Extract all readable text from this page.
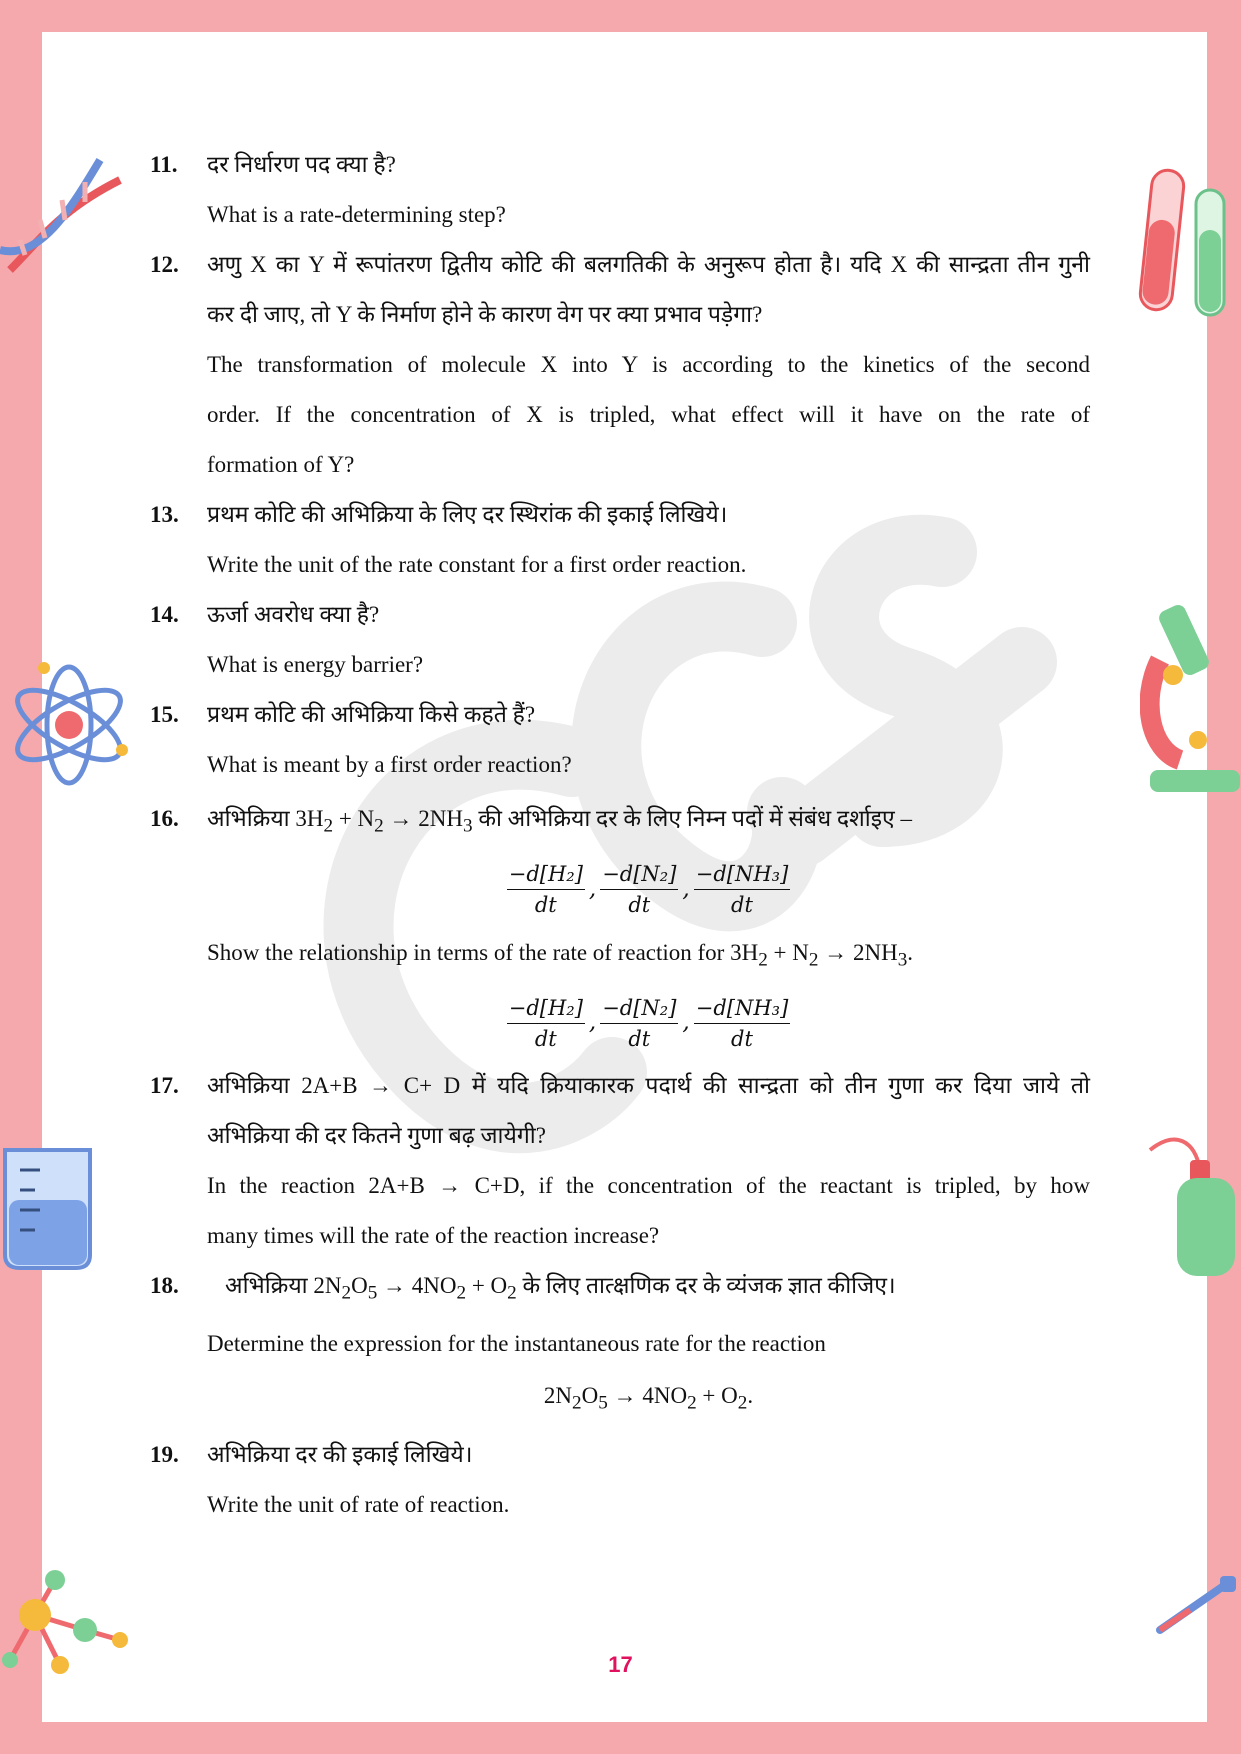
11. दर निर्धारण पद क्या है?
What is a rate-determining step?
12. अणु X का Y में रूपांतरण द्वितीय कोटि की बलगतिकी के अनुरूप होता है। यदि X की सान्द्रता तीन गुनी
कर दी जाए, तो Y के निर्माण होने के कारण वेग पर क्या प्रभाव पड़ेगा?
The transformation of molecule X into Y is according to the kinetics of the second
order. If the concentration of X is tripled, what effect will it have on the rate of
formation of Y?
13. प्रथम कोटि की अभिक्रिया के लिए दर स्थिरांक की इकाई लिखिये।
Write the unit of the rate constant for a first order reaction.
14. ऊर्जा अवरोध क्या है?
What is energy barrier?
15. प्रथम कोटि की अभिक्रिया किसे कहते हैं?
What is meant by a first order reaction?
16. अभिक्रिया $3H_2 + N_2 \to 2NH_3$ की अभिक्रिया दर के लिए निम्न पदों में संबंध दर्शाइए –
$\frac{\text{−d[H₂]}}{dt}$ , $\frac{\text{−d[N₂]}}{dt}$ , $\frac{\text{−d[NH₃]}}{dt}$
Show the relationship in terms of the rate of reaction for $3H_2 + N_2 \to 2NH_3$.
$\frac{\text{−d[H₂]}}{dt}$ , $\frac{\text{−d[N₂]}}{dt}$ , $\frac{\text{−d[NH₃]}}{dt}$
17. अभिक्रिया 2A+B → C+ D में यदि क्रियाकारक पदार्थ की सान्द्रता को तीन गुणा कर दिया जाये तो
अभिक्रिया की दर कितने गुणा बढ़ जायेगी?
In the reaction 2A+B → C+D, if the concentration of the reactant is tripled, by how
many times will the rate of the reaction increase?
18.	अभिक्रिया $2N_2O_5 \to 4NO_2 + O_2$ के लिए तात्क्षणिक दर के व्यंजक ज्ञात कीजिए।
Determine the expression for the instantaneous rate for the reaction
$2N_2O_5 \to 4NO_2 + O_2$.
19. अभिक्रिया दर की इकाई लिखिये।
Write the unit of rate of reaction.
17
